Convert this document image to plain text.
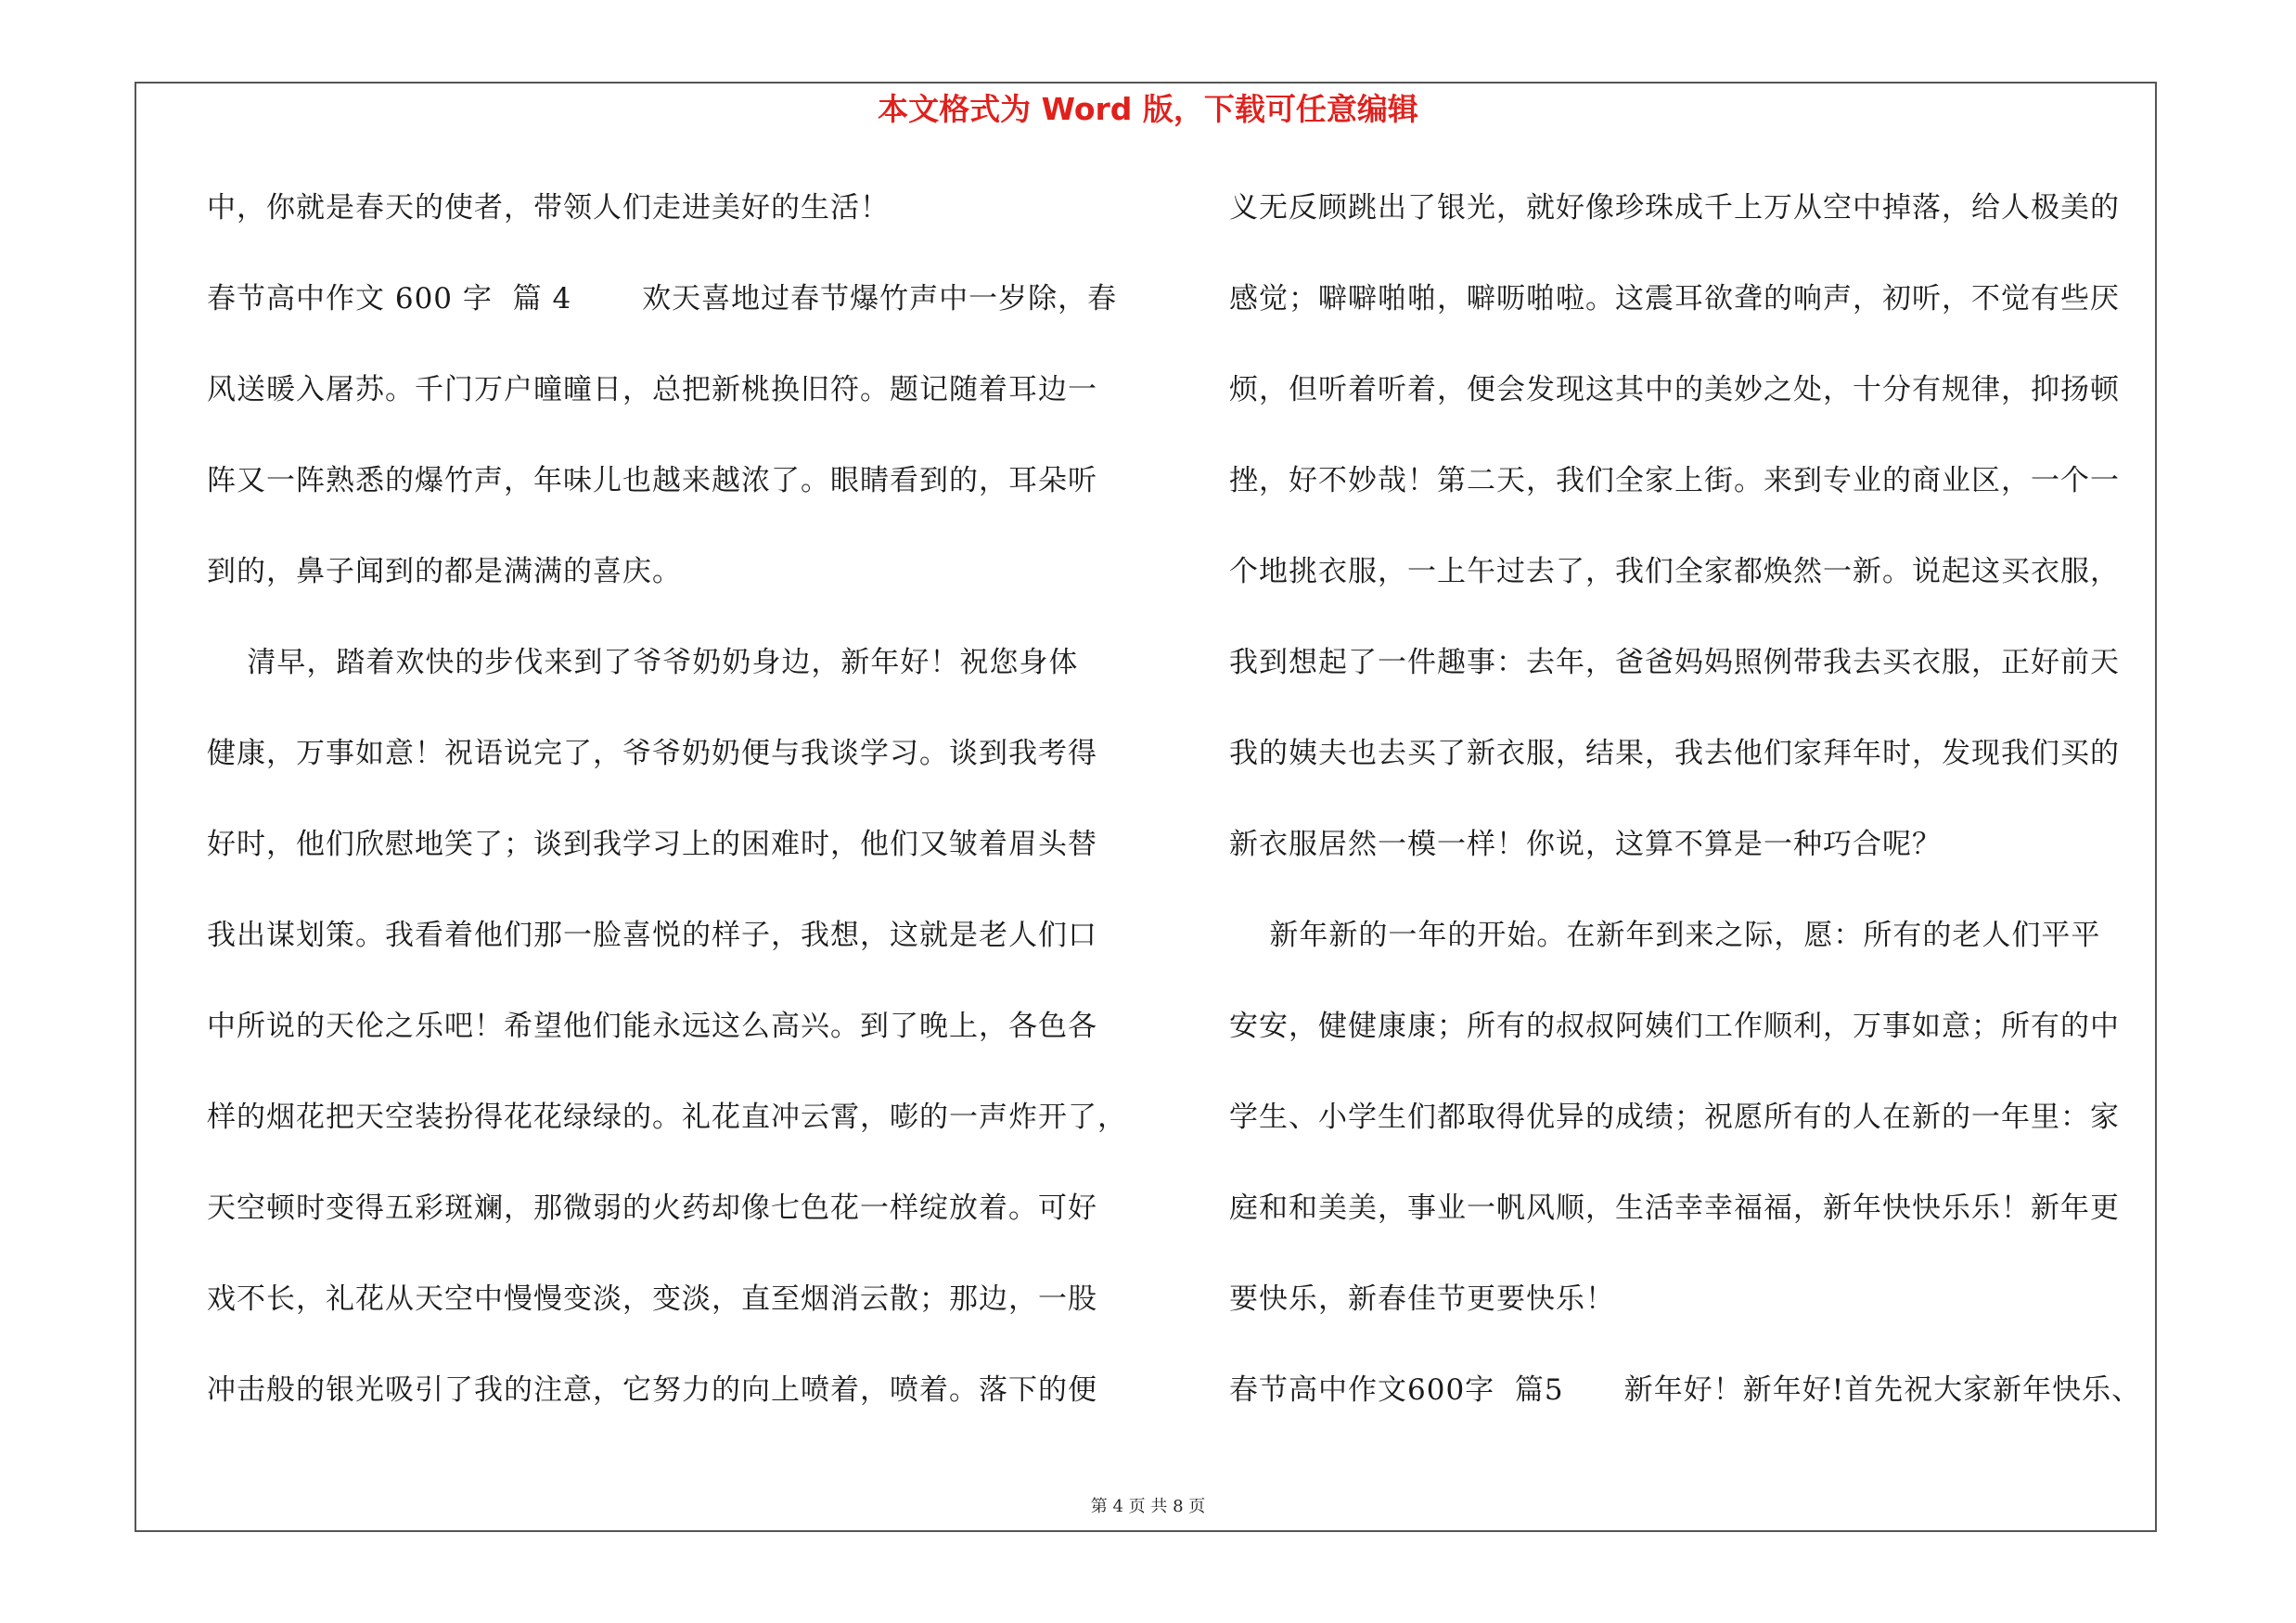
本文格式为 Word 版，下载可任意编辑
中，你就是春天的使者，带领人们走进美好的生活！
春节高中作文 600 字  篇 4       欢天喜地过春节爆竹声中一岁除，春
风送暖入屠苏。千门万户曈曈日，总把新桃换旧符。题记随着耳边一
阵又一阵熟悉的爆竹声，年味儿也越来越浓了。眼睛看到的，耳朵听
到的，鼻子闻到的都是满满的喜庆。
清早，踏着欢快的步伐来到了爷爷奶奶身边，新年好！祝您身体
健康，万事如意！祝语说完了，爷爷奶奶便与我谈学习。谈到我考得
好时，他们欣慰地笑了；谈到我学习上的困难时，他们又皱着眉头替
我出谋划策。我看着他们那一脸喜悦的样子，我想，这就是老人们口
中所说的天伦之乐吧！希望他们能永远这么高兴。到了晚上，各色各
样的烟花把天空装扮得花花绿绿的。礼花直冲云霄，嘭的一声炸开了，
天空顿时变得五彩斑斓，那微弱的火药却像七色花一样绽放着。可好
戏不长，礼花从天空中慢慢变淡，变淡，直至烟消云散；那边，一股
冲击般的银光吸引了我的注意，它努力的向上喷着，喷着。落下的便
义无反顾跳出了银光，就好像珍珠成千上万从空中掉落，给人极美的
感觉；噼噼啪啪，噼呖啪啦。这震耳欲聋的响声，初听，不觉有些厌
烦，但听着听着，便会发现这其中的美妙之处，十分有规律，抑扬顿
挫，好不妙哉！第二天，我们全家上街。来到专业的商业区，一个一
个地挑衣服，一上午过去了，我们全家都焕然一新。说起这买衣服，
我到想起了一件趣事：去年，爸爸妈妈照例带我去买衣服，正好前天
我的姨夫也去买了新衣服，结果，我去他们家拜年时，发现我们买的
新衣服居然一模一样！你说，这算不算是一种巧合呢？
新年新的一年的开始。在新年到来之际，愿：所有的老人们平平
安安，健健康康；所有的叔叔阿姨们工作顺利，万事如意；所有的中
学生、小学生们都取得优异的成绩；祝愿所有的人在新的一年里：家
庭和和美美，事业一帆风顺，生活幸幸福福，新年快快乐乐！新年更
要快乐，新春佳节更要快乐！
春节高中作文600字  篇5      新年好！新年好!首先祝大家新年快乐、
第 4 页 共 8 页
